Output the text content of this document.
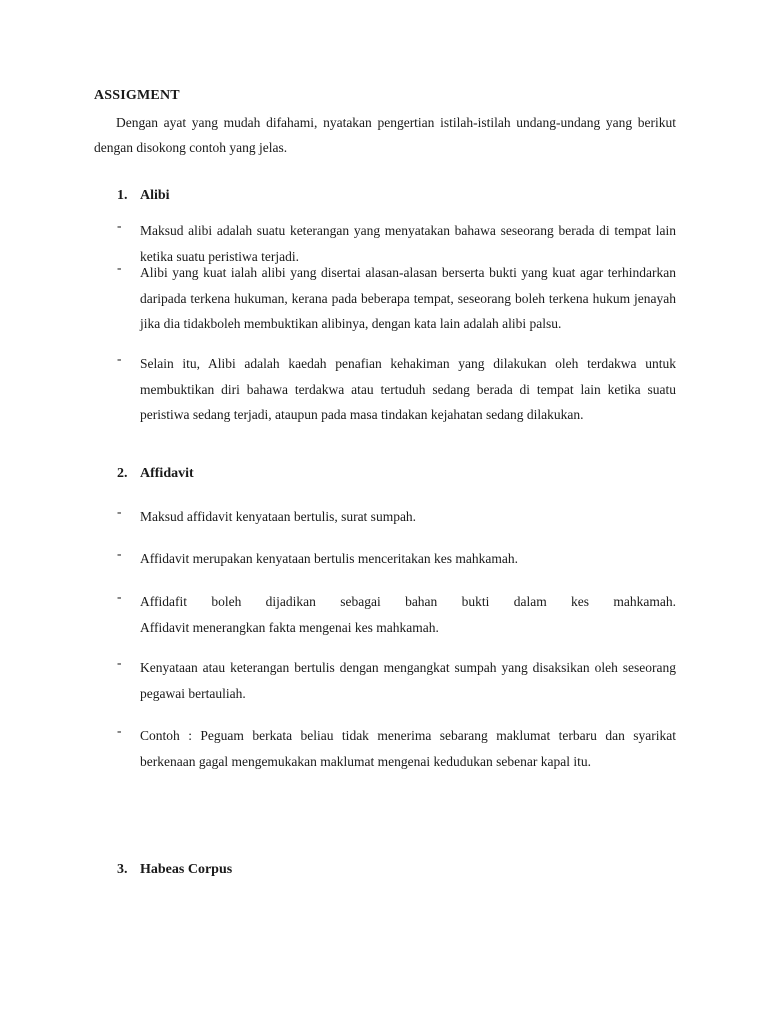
ASSIGMENT
Dengan ayat yang mudah difahami, nyatakan pengertian istilah-istilah undang-undang yang berikut dengan disokong contoh yang jelas.
1. Alibi
-	Maksud alibi adalah suatu keterangan yang menyatakan bahawa seseorang berada di tempat lain ketika suatu peristiwa terjadi.
-	Alibi yang kuat ialah alibi yang disertai alasan-alasan berserta bukti yang kuat agar terhindarkan daripada terkena hukuman, kerana pada beberapa tempat, seseorang boleh terkena hukum jenayah jika dia tidakboleh membuktikan alibinya, dengan kata lain adalah alibi palsu.
-	Selain itu, Alibi adalah kaedah penafian kehakiman yang dilakukan oleh terdakwa untuk membuktikan diri bahawa terdakwa atau tertuduh sedang berada di tempat lain ketika suatu peristiwa sedang terjadi, ataupun pada masa tindakan kejahatan sedang dilakukan.
2. Affidavit
-	Maksud affidavit kenyataan bertulis, surat sumpah.
-	Affidavit merupakan kenyataan bertulis menceritakan kes mahkamah.
-	Affidafit boleh dijadikan sebagai bahan bukti dalam kes mahkamah.
Affidavit menerangkan fakta mengenai kes mahkamah.
-	Kenyataan atau keterangan bertulis dengan mengangkat sumpah yang disaksikan oleh seseorang pegawai bertauliah.
-	Contoh : Peguam berkata beliau tidak menerima sebarang maklumat terbaru dan syarikat berkenaan gagal mengemukakan maklumat mengenai kedudukan sebenar kapal itu.
3. Habeas Corpus
